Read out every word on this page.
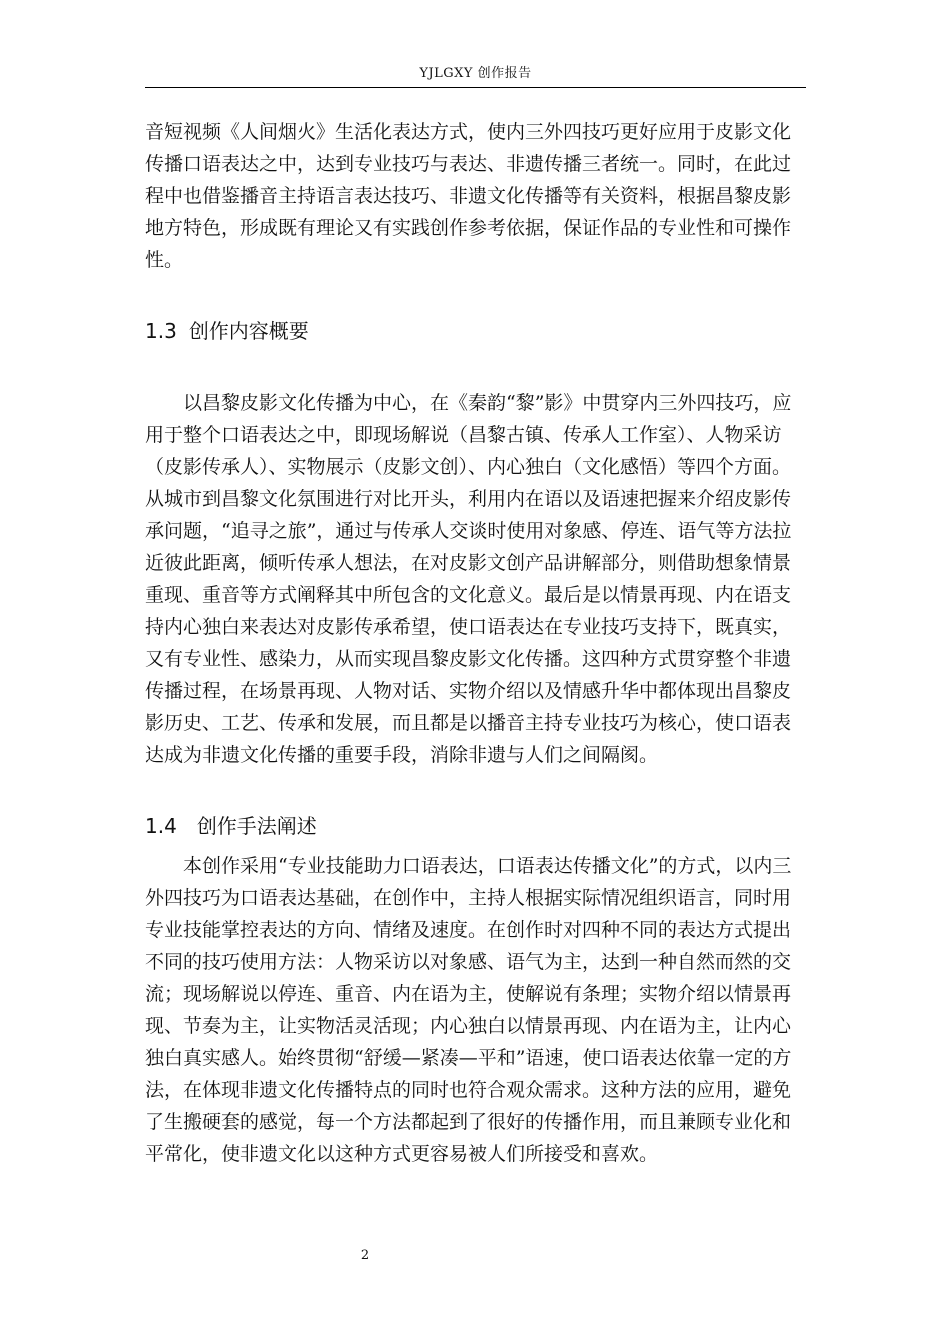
YJLGXY 创作报告

音短视频《人间烟火》生活化表达方式，使内三外四技巧更好应用于皮影文化传播口语表达之中，达到专业技巧与表达、非遗传播三者统一。同时，在此过程中也借鉴播音主持语言表达技巧、非遗文化传播等有关资料，根据昌黎皮影地方特色，形成既有理论又有实践创作参考依据，保证作品的专业性和可操作性。

1.3 创作内容概要

以昌黎皮影文化传播为中心，在《秦韵“黎”影》中贯穿内三外四技巧，应用于整个口语表达之中，即现场解说（昌黎古镇、传承人工作室）、人物采访（皮影传承人）、实物展示（皮影文创）、内心独白（文化感悟）等四个方面。从城市到昌黎文化氛围进行对比开头，利用内在语以及语速把握来介绍皮影传承问题，“追寻之旅”，通过与传承人交谈时使用对象感、停连、语气等方法拉近彼此距离，倾听传承人想法，在对皮影文创产品讲解部分，则借助想象情景重现、重音等方式阐释其中所包含的文化意义。最后是以情景再现、内在语支持内心独白来表达对皮影传承希望，使口语表达在专业技巧支持下，既真实，又有专业性、感染力，从而实现昌黎皮影文化传播。这四种方式贯穿整个非遗传播过程，在场景再现、人物对话、实物介绍以及情感升华中都体现出昌黎皮影历史、工艺、传承和发展，而且都是以播音主持专业技巧为核心，使口语表达成为非遗文化传播的重要手段，消除非遗与人们之间隔阂。

1.4 创作手法阐述

本创作采用“专业技能助力口语表达，口语表达传播文化”的方式，以内三外四技巧为口语表达基础，在创作中，主持人根据实际情况组织语言，同时用专业技能掌控表达的方向、情绪及速度。在创作时对四种不同的表达方式提出不同的技巧使用方法：人物采访以对象感、语气为主，达到一种自然而然的交流；现场解说以停连、重音、内在语为主，使解说有条理；实物介绍以情景再现、节奏为主，让实物活灵活现；内心独白以情景再现、内在语为主，让内心独白真实感人。始终贯彻“舒缓—紧凑—平和”语速，使口语表达依靠一定的方法，在体现非遗文化传播特点的同时也符合观众需求。这种方法的应用，避免了生搬硬套的感觉，每一个方法都起到了很好的传播作用，而且兼顾专业化和平常化，使非遗文化以这种方式更容易被人们所接受和喜欢。

2
